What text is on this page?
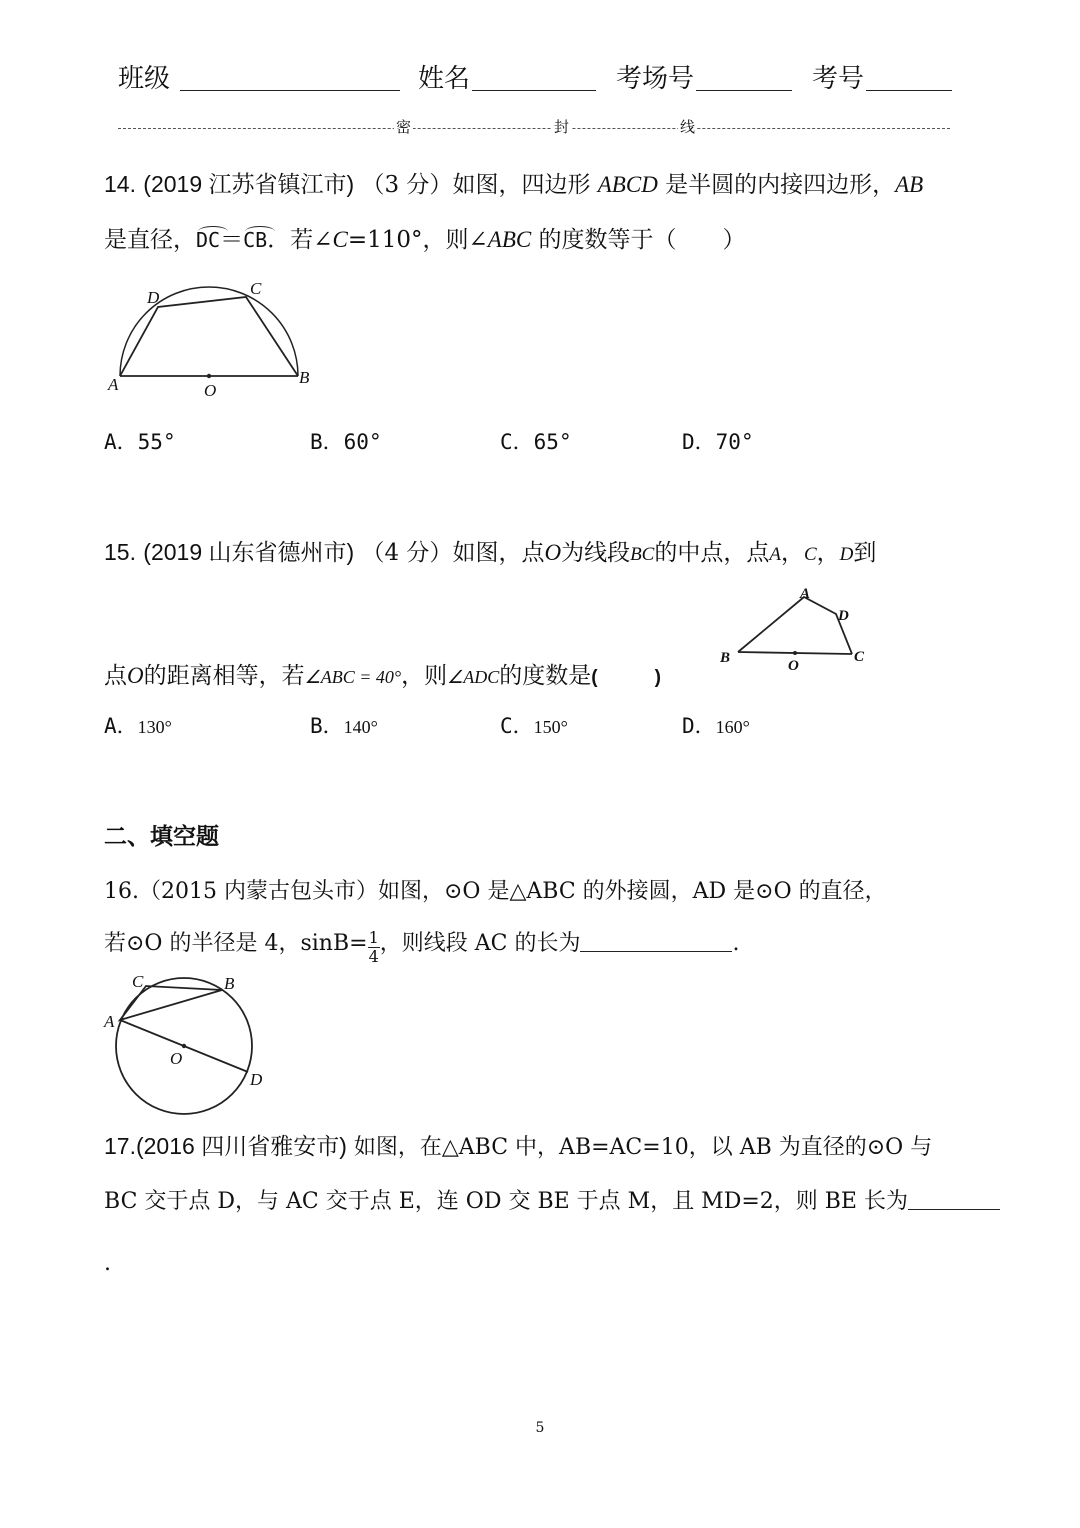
班级	姓名	考场号	考号
密	封	线
14. (2019 江苏省镇江市) （3 分）如图，四边形 ABCD 是半圆的内接四边形，AB
是直径，
DC＝
CB．若∠C=110°，则∠ABC 的度数等于（　　）
A	B
C
D
O
A．55°	B．60°	C．65°	D．70°
15. (2019 山东省德州市) （4 分）如图，点O为线段BC的中点，点A，C，D到
A
B	C
D
O
点O的距离相等，若∠ABC = 40°，则∠ADC的度数是(　　　)
A．130°	B．140°	C．150°	D．160°
二、填空题
16.（2015 内蒙古包头市）如图，⊙O 是△ABC 的外接圆，AD 是⊙O 的直径，
若⊙O 的半径是 4，$\sin B= \frac{1}{4}$ ，则线段 AC 的长为	.
A
B
C
D
O
17.(2016 四川省雅安市) 如图，在△ABC 中，AB=AC=10，以 AB 为直径的⊙O 与
BC 交于点 D，与 AC 交于点 E，连 OD 交 BE 于点 M，且 MD=2，则 BE 长为
.
5
